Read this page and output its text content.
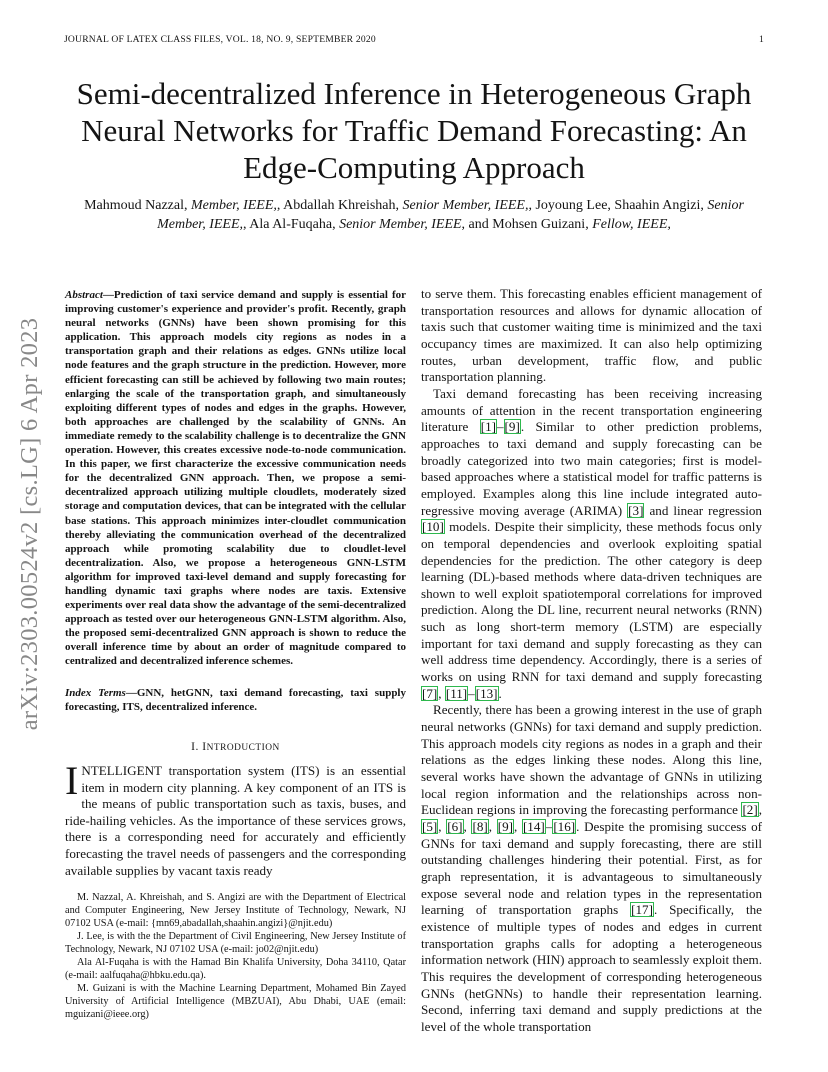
JOURNAL OF LATEX CLASS FILES, VOL. 18, NO. 9, SEPTEMBER 2020	1
Semi-decentralized Inference in Heterogeneous Graph Neural Networks for Traffic Demand Forecasting: An Edge-Computing Approach
Mahmoud Nazzal, Member, IEEE,, Abdallah Khreishah, Senior Member, IEEE,, Joyoung Lee, Shaahin Angizi, Senior Member, IEEE,, Ala Al-Fuqaha, Senior Member, IEEE, and Mohsen Guizani, Fellow, IEEE,
arXiv:2303.00524v2 [cs.LG] 6 Apr 2023
Abstract—Prediction of taxi service demand and supply is essential for improving customer's experience and provider's profit. Recently, graph neural networks (GNNs) have been shown promising for this application. This approach models city regions as nodes in a transportation graph and their relations as edges. GNNs utilize local node features and the graph structure in the prediction. However, more efficient forecasting can still be achieved by following two main routes; enlarging the scale of the transportation graph, and simultaneously exploiting different types of nodes and edges in the graphs. However, both approaches are challenged by the scalability of GNNs. An immediate remedy to the scalability challenge is to decentralize the GNN operation. However, this creates excessive node-to-node communication. In this paper, we first characterize the excessive communication needs for the decentralized GNN approach. Then, we propose a semi-decentralized approach utilizing multiple cloudlets, moderately sized storage and computation devices, that can be integrated with the cellular base stations. This approach minimizes inter-cloudlet communication thereby alleviating the communication overhead of the decentralized approach while promoting scalability due to cloudlet-level decentralization. Also, we propose a heterogeneous GNN-LSTM algorithm for improved taxi-level demand and supply forecasting for handling dynamic taxi graphs where nodes are taxis. Extensive experiments over real data show the advantage of the semi-decentralized approach as tested over our heterogeneous GNN-LSTM algorithm. Also, the proposed semi-decentralized GNN approach is shown to reduce the overall inference time by about an order of magnitude compared to centralized and decentralized inference schemes.
Index Terms—GNN, hetGNN, taxi demand forecasting, taxi supply forecasting, ITS, decentralized inference.
I. INTRODUCTION
INTELLIGENT transportation system (ITS) is an essential item in modern city planning. A key component of an ITS is the means of public transportation such as taxis, buses, and ride-hailing vehicles. As the importance of these services grows, there is a corresponding need for accurately and efficiently forecasting the travel needs of passengers and the corresponding available supplies by vacant taxis ready

M. Nazzal, A. Khreishah, and S. Angizi are with the Department of Electrical and Computer Engineering, New Jersey Institute of Technology, Newark, NJ 07102 USA (e-mail: {mn69,abadallah,shaahin.angizi}@njit.edu)

J. Lee, is with the the Department of Civil Engineering, New Jersey Institute of Technology, Newark, NJ 07102 USA (e-mail: jo02@njit.edu)

Ala Al-Fuqaha is with the Hamad Bin Khalifa University, Doha 34110, Qatar (e-mail: aalfuqaha@hbku.edu.qa).

M. Guizani is with the Machine Learning Department, Mohamed Bin Zayed University of Artificial Intelligence (MBZUAI), Abu Dhabi, UAE (email: mguizani@ieee.org)

to serve them. This forecasting enables efficient management of transportation resources and allows for dynamic allocation of taxis such that customer waiting time is minimized and the taxi occupancy times are maximized. It can also help optimizing routes, urban development, traffic flow, and public transportation planning.

Taxi demand forecasting has been receiving increasing amounts of attention in the recent transportation engineering literature [1]–[9]. Similar to other prediction problems, approaches to taxi demand and supply forecasting can be broadly categorized into two main categories; first is model-based approaches where a statistical model for traffic patterns is employed. Examples along this line include integrated auto-regressive moving average (ARIMA) [3] and linear regression [10] models. Despite their simplicity, these methods focus only on temporal dependencies and overlook exploiting spatial dependencies for the prediction. The other category is deep learning (DL)-based methods where data-driven techniques are shown to well exploit spatiotemporal correlations for improved prediction. Along the DL line, recurrent neural networks (RNN) such as long short-term memory (LSTM) are especially important for taxi demand and supply forecasting as they can well address time dependency. Accordingly, there is a series of works on using RNN for taxi demand and supply forecasting [7], [11]–[13].

Recently, there has been a growing interest in the use of graph neural networks (GNNs) for taxi demand and supply prediction. This approach models city regions as nodes in a graph and their relations as the edges linking these nodes. Along this line, several works have shown the advantage of GNNs in utilizing local region information and the relationships across non-Euclidean regions in improving the forecasting performance [2], [5], [6], [8], [9], [14]–[16]. Despite the promising success of GNNs for taxi demand and supply forecasting, there are still outstanding challenges hindering their potential. First, as for graph representation, it is advantageous to simultaneously expose several node and relation types in the representation learning of transportation graphs [17]. Specifically, the existence of multiple types of nodes and edges in current transportation graphs calls for adopting a heterogeneous information network (HIN) approach to seamlessly exploit them. This requires the development of corresponding heterogeneous GNNs (hetGNNs) to handle their representation learning. Second, inferring taxi demand and supply predictions at the level of the whole transportation
